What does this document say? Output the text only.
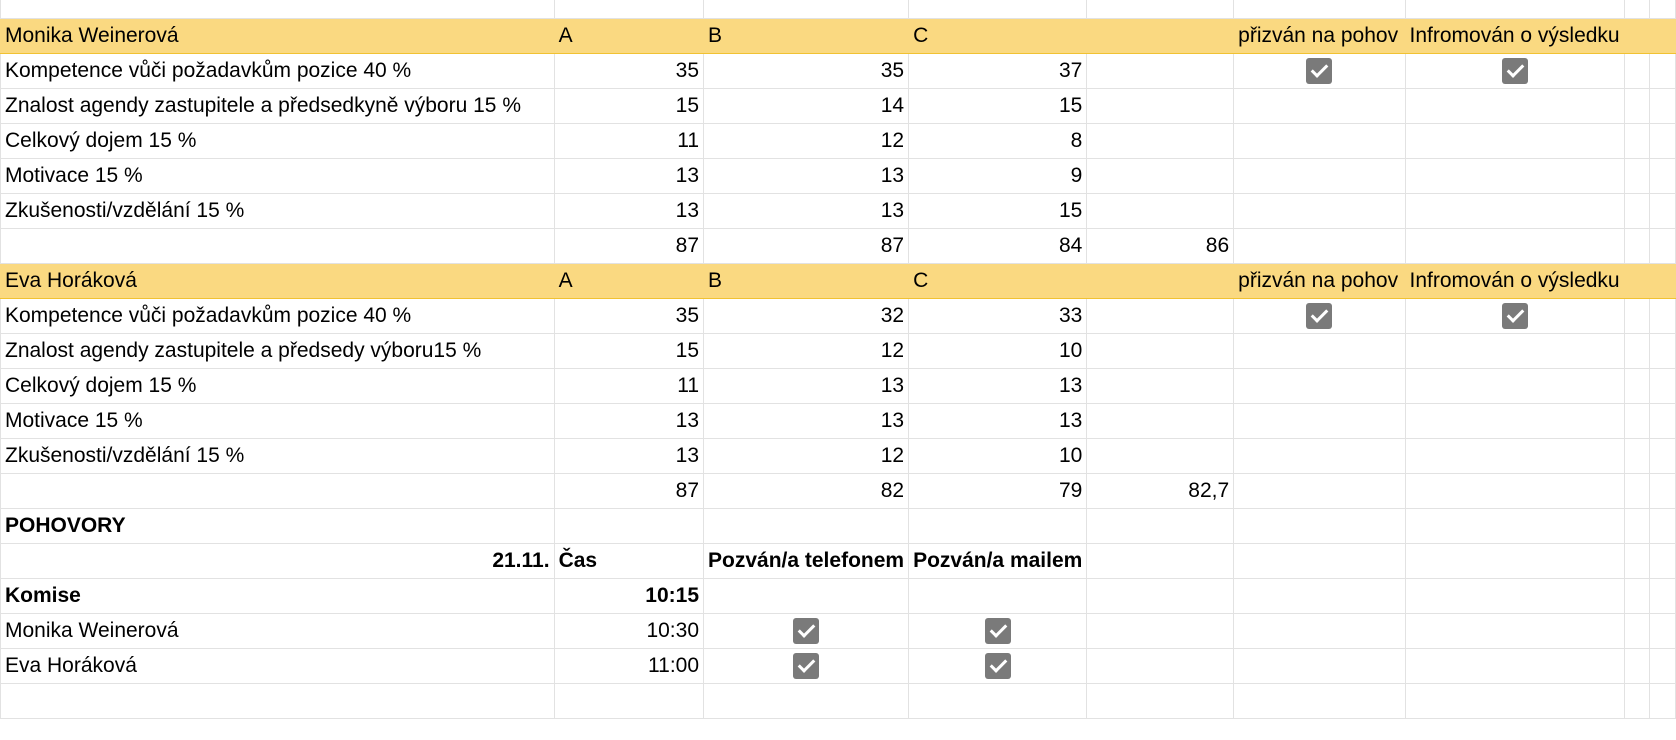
Monika Weinerová	A	B	C		přizván na pohov	Infromován o výsledku		
Kompetence vůči požadavkům pozice 40 %	35	35	37					
Znalost agendy zastupitele a předsedkyně výboru 15 %	15	14	15					
Celkový dojem 15 %	11	12	8					
Motivace 15 %	13	13	9					
Zkušenosti/vzdělání 15 %	13	13	15					
	87	87	84	86				
Eva Horáková	A	B	C		přizván na pohov	Infromován o výsledku		
Kompetence vůči požadavkům pozice 40 %	35	32	33					
Znalost agendy zastupitele a předsedy výboru15 %	15	12	10					
Celkový dojem 15 %	11	13	13					
Motivace 15 %	13	13	13					
Zkušenosti/vzdělání 15 %	13	12	10					
	87	82	79	82,7				
POHOVORY								
21.11.	Čas	Pozván/a telefonem	Pozván/a mailem					
Komise	10:15							
Monika Weinerová	10:30							
Eva Horáková	11:00							
